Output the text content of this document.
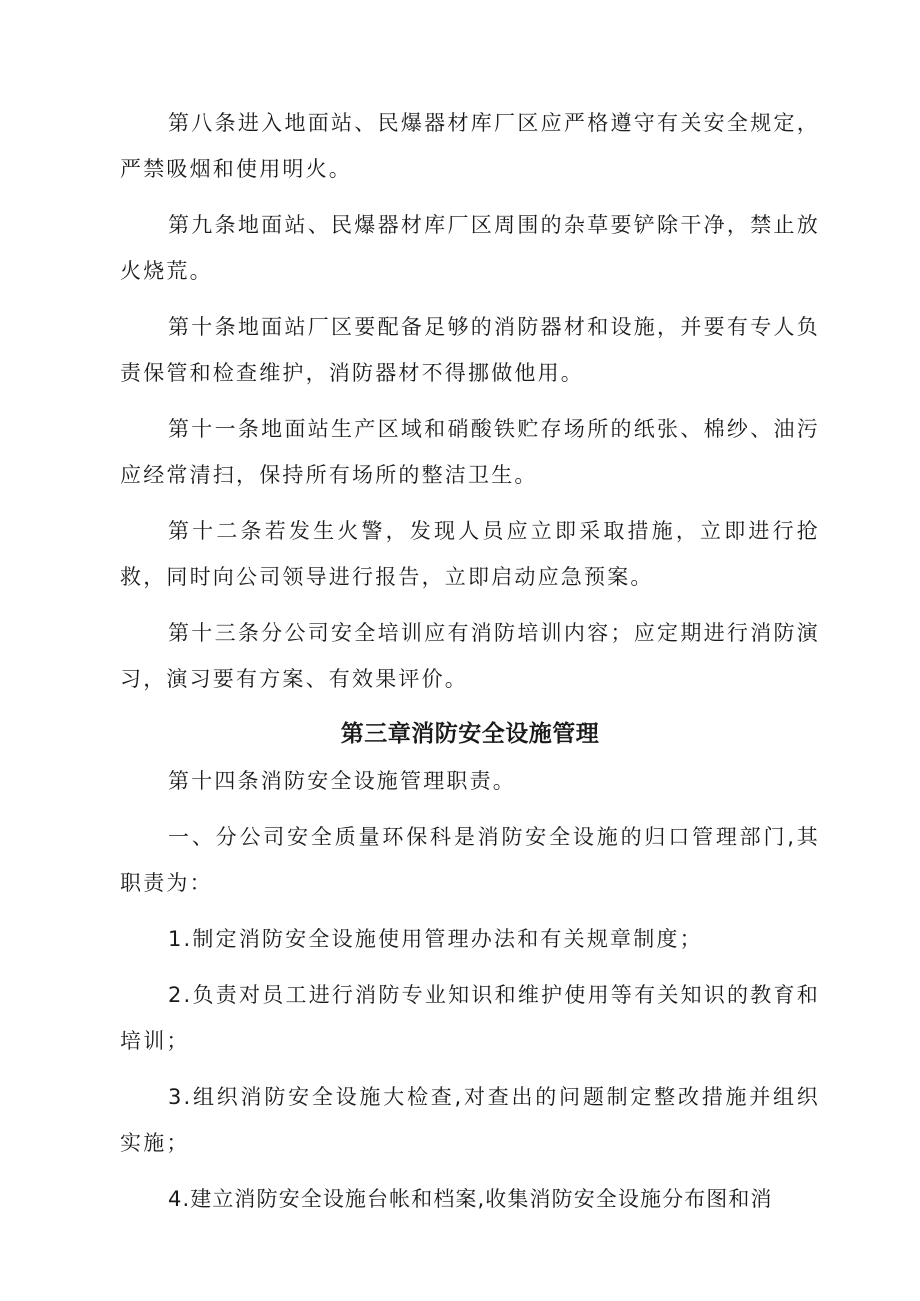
第八条进入地面站、民爆器材库厂区应严格遵守有关安全规定，严禁吸烟和使用明火。

第九条地面站、民爆器材库厂区周围的杂草要铲除干净，禁止放火烧荒。

第十条地面站厂区要配备足够的消防器材和设施，并要有专人负责保管和检查维护，消防器材不得挪做他用。

第十一条地面站生产区域和硝酸铁贮存场所的纸张、棉纱、油污应经常清扫，保持所有场所的整洁卫生。

第十二条若发生火警，发现人员应立即采取措施，立即进行抢救，同时向公司领导进行报告，立即启动应急预案。

第十三条分公司安全培训应有消防培训内容；应定期进行消防演习，演习要有方案、有效果评价。

第三章消防安全设施管理

第十四条消防安全设施管理职责。

一、分公司安全质量环保科是消防安全设施的归口管理部门,其职责为：

1.制定消防安全设施使用管理办法和有关规章制度；

2.负责对员工进行消防专业知识和维护使用等有关知识的教育和培训；

3.组织消防安全设施大检查,对查出的问题制定整改措施并组织实施；

4.建立消防安全设施台帐和档案,收集消防安全设施分布图和消
